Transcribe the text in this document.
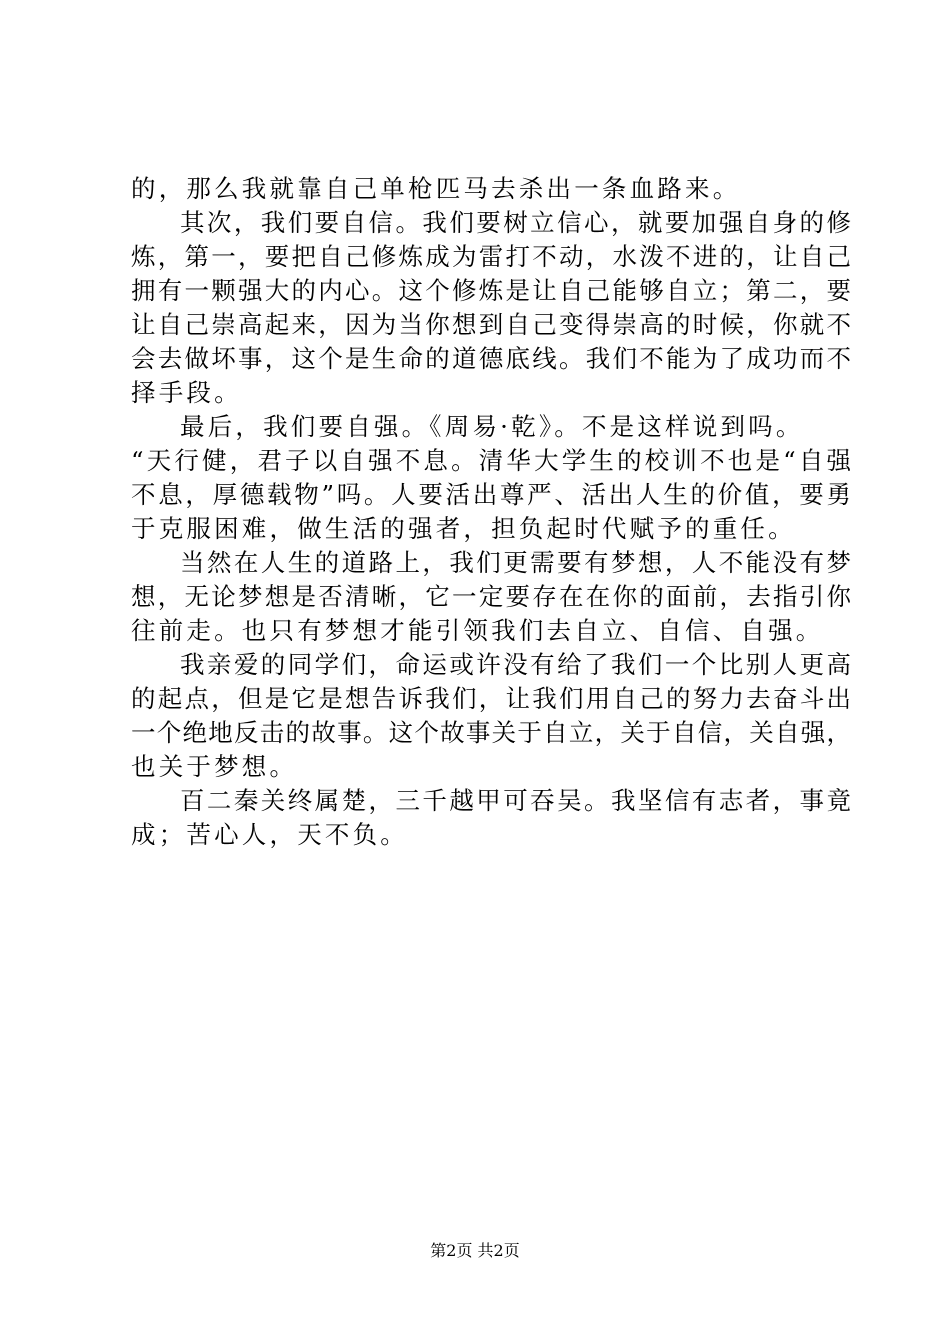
的，那么我就靠自己单枪匹马去杀出一条血路来。
其次，我们要自信。我们要树立信心，就要加强自身的修
炼，第一，要把自己修炼成为雷打不动，水泼不进的，让自己
拥有一颗强大的内心。这个修炼是让自己能够自立；第二，要
让自己崇高起来，因为当你想到自己变得崇高的时候，你就不
会去做坏事，这个是生命的道德底线。我们不能为了成功而不
择手段。
最后，我们要自强。《周易·乾》。不是这样说到吗。
“天行健，君子以自强不息。清华大学生的校训不也是“自强
不息，厚德载物”吗。人要活出尊严、活出人生的价值，要勇
于克服困难，做生活的强者，担负起时代赋予的重任。
当然在人生的道路上，我们更需要有梦想，人不能没有梦
想，无论梦想是否清晰，它一定要存在在你的面前，去指引你
往前走。也只有梦想才能引领我们去自立、自信、自强。
我亲爱的同学们，命运或许没有给了我们一个比别人更高
的起点，但是它是想告诉我们，让我们用自己的努力去奋斗出
一个绝地反击的故事。这个故事关于自立，关于自信，关自强，
也关于梦想。
百二秦关终属楚，三千越甲可吞吴。我坚信有志者，事竟
成；苦心人，天不负。
第2页 共2页
